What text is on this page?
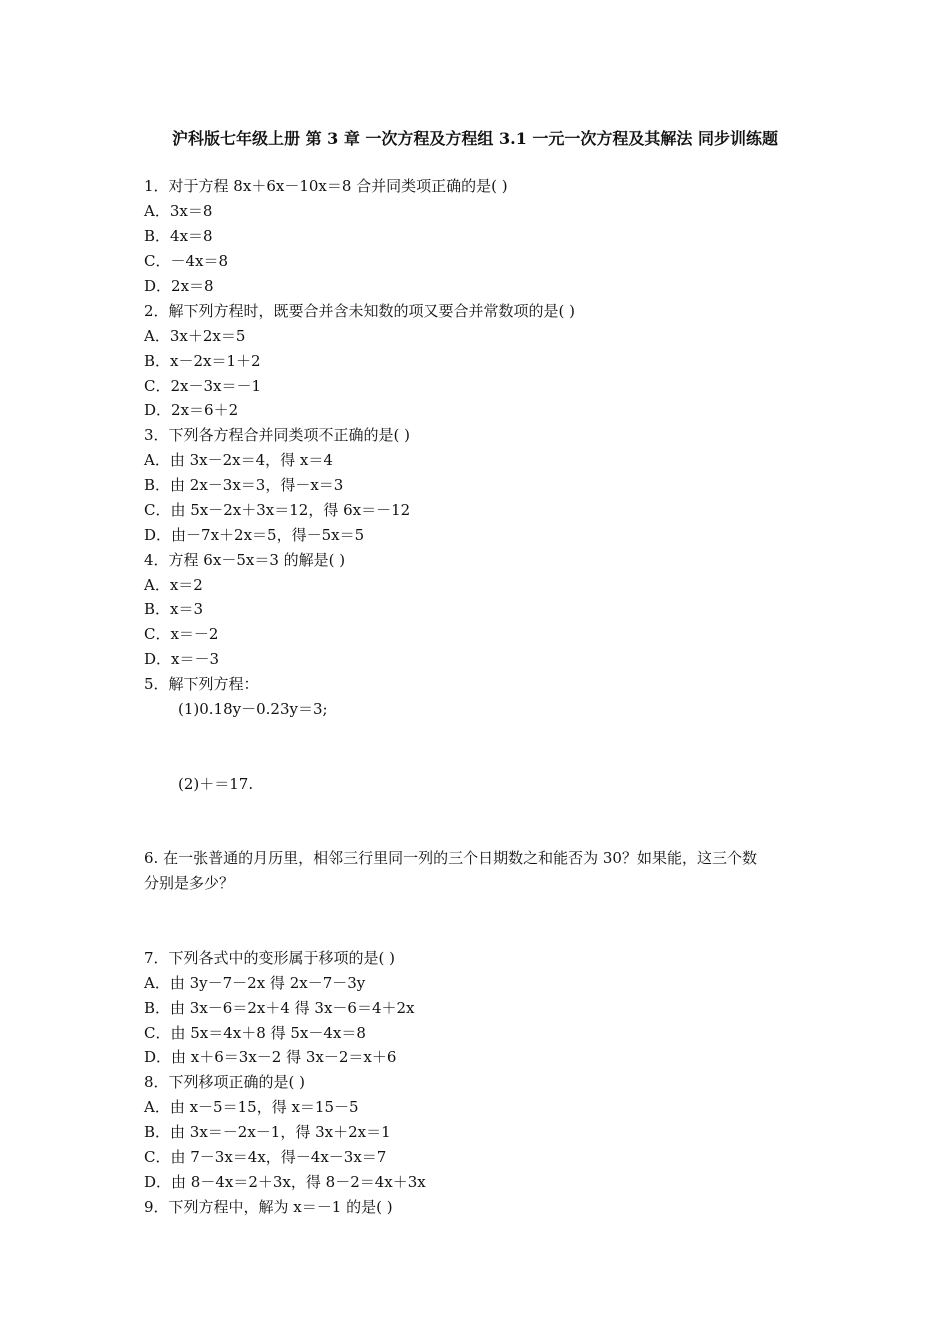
沪科版七年级上册 第 3 章 一次方程及方程组 3.1 一元一次方程及其解法 同步训练题
1．对于方程 8x＋6x－10x＝8 合并同类项正确的是( )
A．3x＝8
B．4x＝8
C．－4x＝8
D．2x＝8
2．解下列方程时，既要合并含未知数的项又要合并常数项的是( )
A．3x＋2x＝5
B．x－2x＝1＋2
C．2x－3x＝－1
D．2x＝6＋2
3．下列各方程合并同类项不正确的是( )
A．由 3x－2x＝4，得 x＝4
B．由 2x－3x＝3，得－x＝3
C．由 5x－2x＋3x＝12，得 6x＝－12
D．由－7x＋2x＝5，得－5x＝5
4．方程 6x－5x＝3 的解是( )
A．x＝2
B．x＝3
C．x＝－2
D．x＝－3
5．解下列方程：
(1)0.18y－0.23y＝3;
(2)＋＝17.
6. 在一张普通的月历里，相邻三行里同一列的三个日期数之和能否为 30？如果能，这三个数
分别是多少？
7．下列各式中的变形属于移项的是( )
A．由 3y－7－2x 得 2x－7－3y
B．由 3x－6＝2x＋4 得 3x－6＝4＋2x
C．由 5x＝4x＋8 得 5x－4x＝8
D．由 x＋6＝3x－2 得 3x－2＝x＋6
8．下列移项正确的是( )
A．由 x－5＝15，得 x＝15－5
B．由 3x＝－2x－1，得 3x＋2x＝1
C．由 7－3x＝4x，得－4x－3x＝7
D．由 8－4x＝2＋3x，得 8－2＝4x＋3x
9．下列方程中，解为 x＝－1 的是( )
